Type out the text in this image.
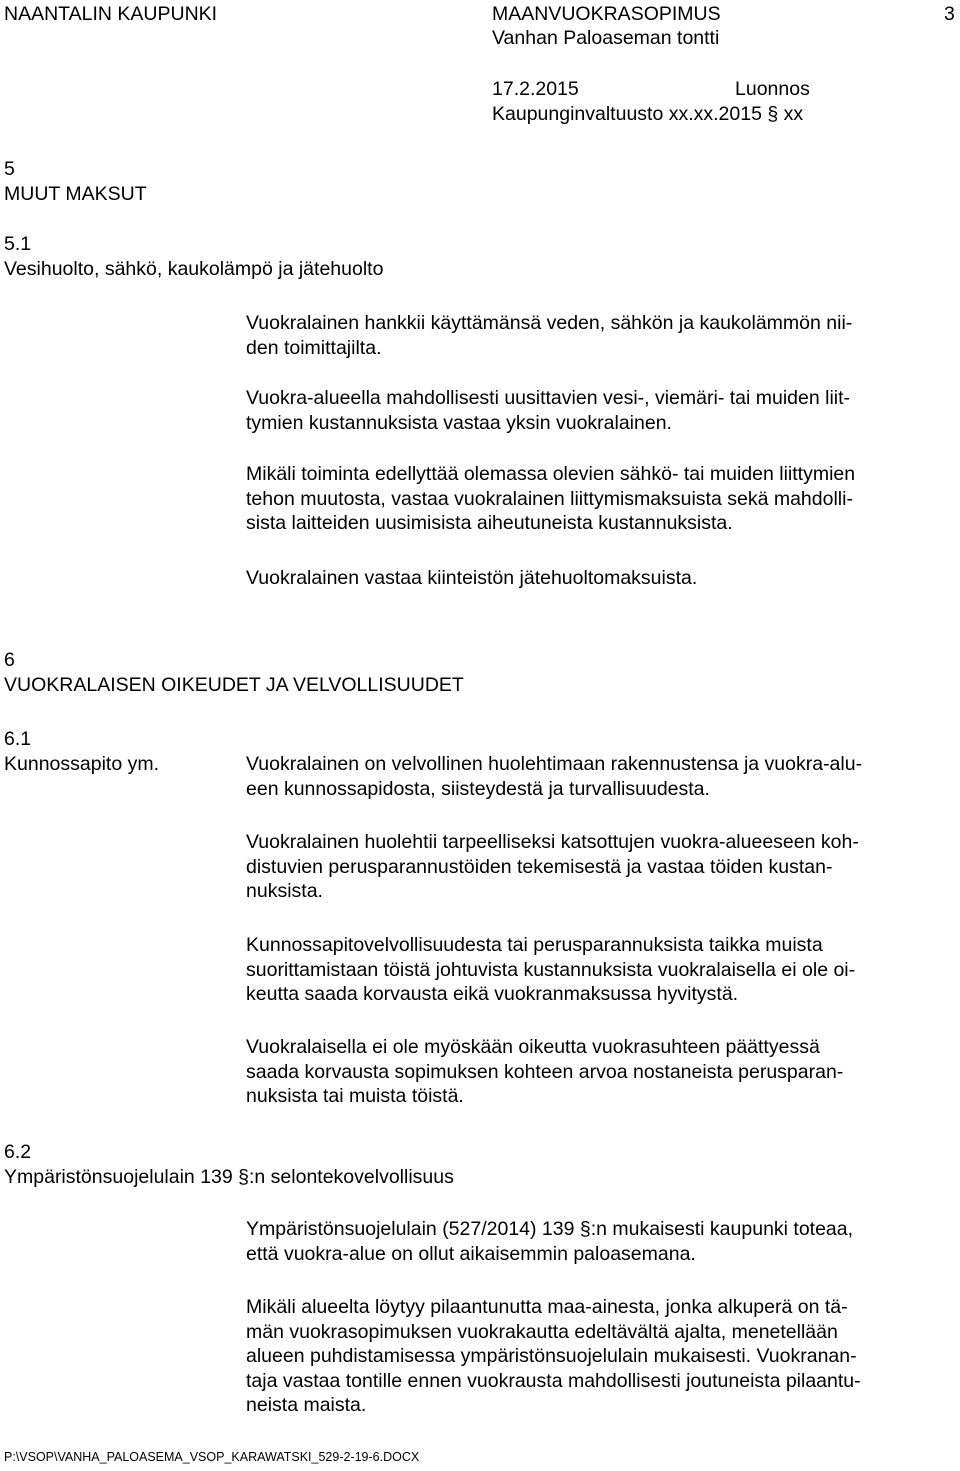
NAANTALIN KAUPUNKI	MAANVUOKRASOPIMUS	3
Vanhan Paloaseman tontti
17.2.2015	Luonnos
Kaupunginvaltuusto xx.xx.2015 § xx
5
MUUT MAKSUT
5.1
Vesihuolto, sähkö, kaukolämpö ja jätehuolto
Vuokralainen hankkii käyttämänsä veden, sähkön ja kaukolämmön nii-
den toimittajilta.
Vuokra-alueella mahdollisesti uusittavien vesi-, viemäri- tai muiden liit-
tymien kustannuksista vastaa yksin vuokralainen.
Mikäli toiminta edellyttää olemassa olevien sähkö- tai muiden liittymien
tehon muutosta, vastaa vuokralainen liittymismaksuista sekä mahdolli-
sista laitteiden uusimisista aiheutuneista kustannuksista.
Vuokralainen vastaa kiinteistön jätehuoltomaksuista.
6
VUOKRALAISEN OIKEUDET JA VELVOLLISUUDET
6.1
Kunnossapito ym.	Vuokralainen on velvollinen huolehtimaan rakennustensa ja vuokra-alu-
een kunnossapidosta, siisteydestä ja turvallisuudesta.
Vuokralainen huolehtii tarpeelliseksi katsottujen vuokra-alueeseen koh-
distuvien perusparannustöiden tekemisestä ja vastaa töiden kustan-
nuksista.
Kunnossapitovelvollisuudesta tai perusparannuksista taikka muista
suorittamistaan töistä johtuvista kustannuksista vuokralaisella ei ole oi-
keutta saada korvausta eikä vuokranmaksussa hyvitystä.
Vuokralaisella ei ole myöskään oikeutta vuokrasuhteen päättyessä
saada korvausta sopimuksen kohteen arvoa nostaneista perusparan-
nuksista tai muista töistä.
6.2
Ympäristönsuojelulain 139 §:n selontekovelvollisuus
Ympäristönsuojelulain (527/2014) 139 §:n mukaisesti kaupunki toteaa,
että vuokra-alue on ollut aikaisemmin paloasemana.
Mikäli alueelta löytyy pilaantunutta maa-ainesta, jonka alkuperä on tä-
män vuokrasopimuksen vuokrakautta edeltävältä ajalta, menetellään
alueen puhdistamisessa ympäristönsuojelulain mukaisesti. Vuokranan-
taja vastaa tontille ennen vuokrausta mahdollisesti joutuneista pilaantu-
neista maista.
P:\VSOP\VANHA_PALOASEMA_VSOP_KARAWATSKI_529-2-19-6.DOCX
